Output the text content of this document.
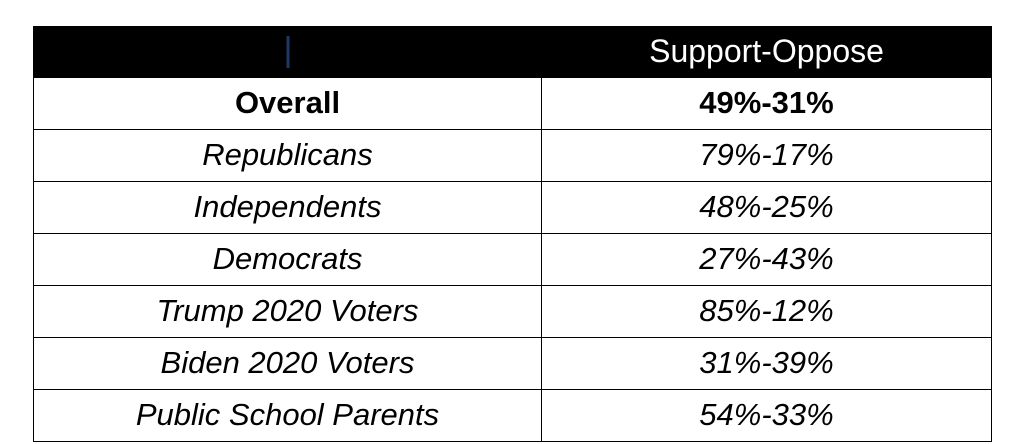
	Support-Oppose
Overall	49%-31%
Republicans	79%-17%
Independents	48%-25%
Democrats	27%-43%
Trump 2020 Voters	85%-12%
Biden 2020 Voters	31%-39%
Public School Parents	54%-33%
